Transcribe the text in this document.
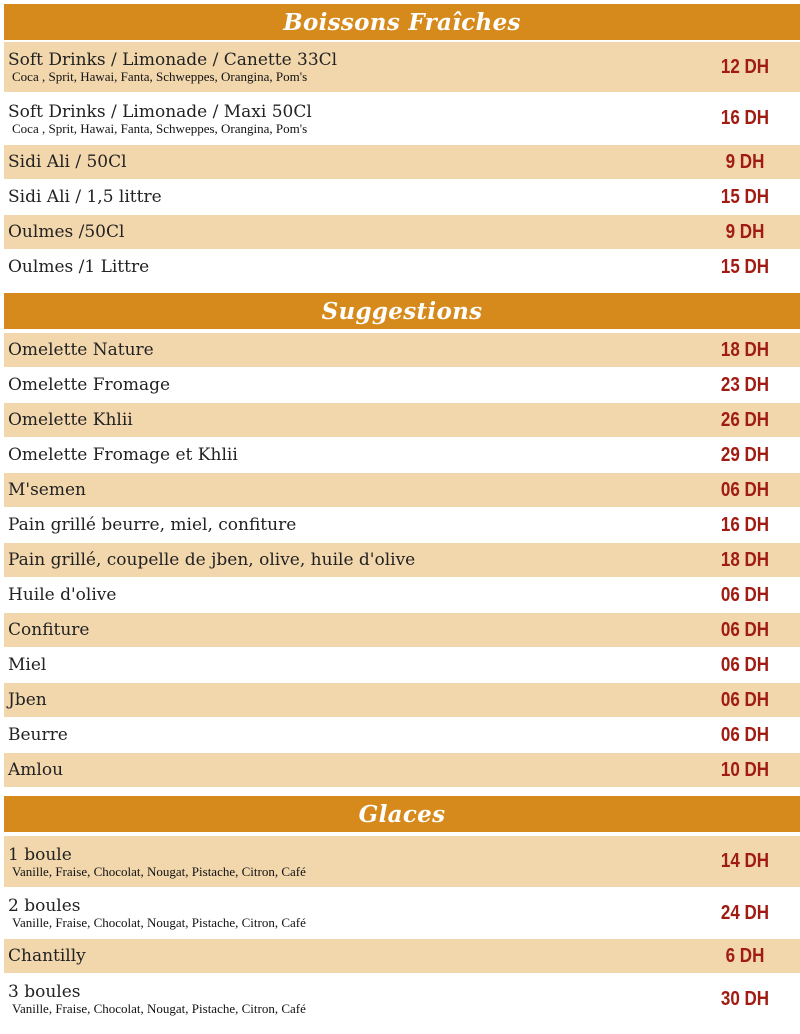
Boissons Fraîches
Soft Drinks / Limonade / Canette 33Cl
Coca , Sprit, Hawai, Fanta, Schweppes, Orangina, Pom's	12 DH
Soft Drinks / Limonade / Maxi 50Cl
Coca , Sprit, Hawai, Fanta, Schweppes, Orangina, Pom's	16 DH
Sidi Ali / 50Cl	9 DH
Sidi Ali / 1,5 littre	15 DH
Oulmes /50Cl	9 DH
Oulmes /1 Littre	15 DH
Suggestions
Omelette Nature	18 DH
Omelette Fromage	23 DH
Omelette Khlii	26 DH
Omelette Fromage et Khlii	29 DH
M'semen	06 DH
Pain grillé beurre, miel, confiture	16 DH
Pain grillé, coupelle de jben, olive, huile d'olive	18 DH
Huile d'olive	06 DH
Confiture	06 DH
Miel	06 DH
Jben	06 DH
Beurre	06 DH
Amlou	10 DH
Glaces
1 boule
Vanille, Fraise, Chocolat, Nougat, Pistache, Citron, Café	14 DH
2 boules
Vanille, Fraise, Chocolat, Nougat, Pistache, Citron, Café	24 DH
Chantilly	6 DH
3 boules
Vanille, Fraise, Chocolat, Nougat, Pistache, Citron, Café	30 DH
